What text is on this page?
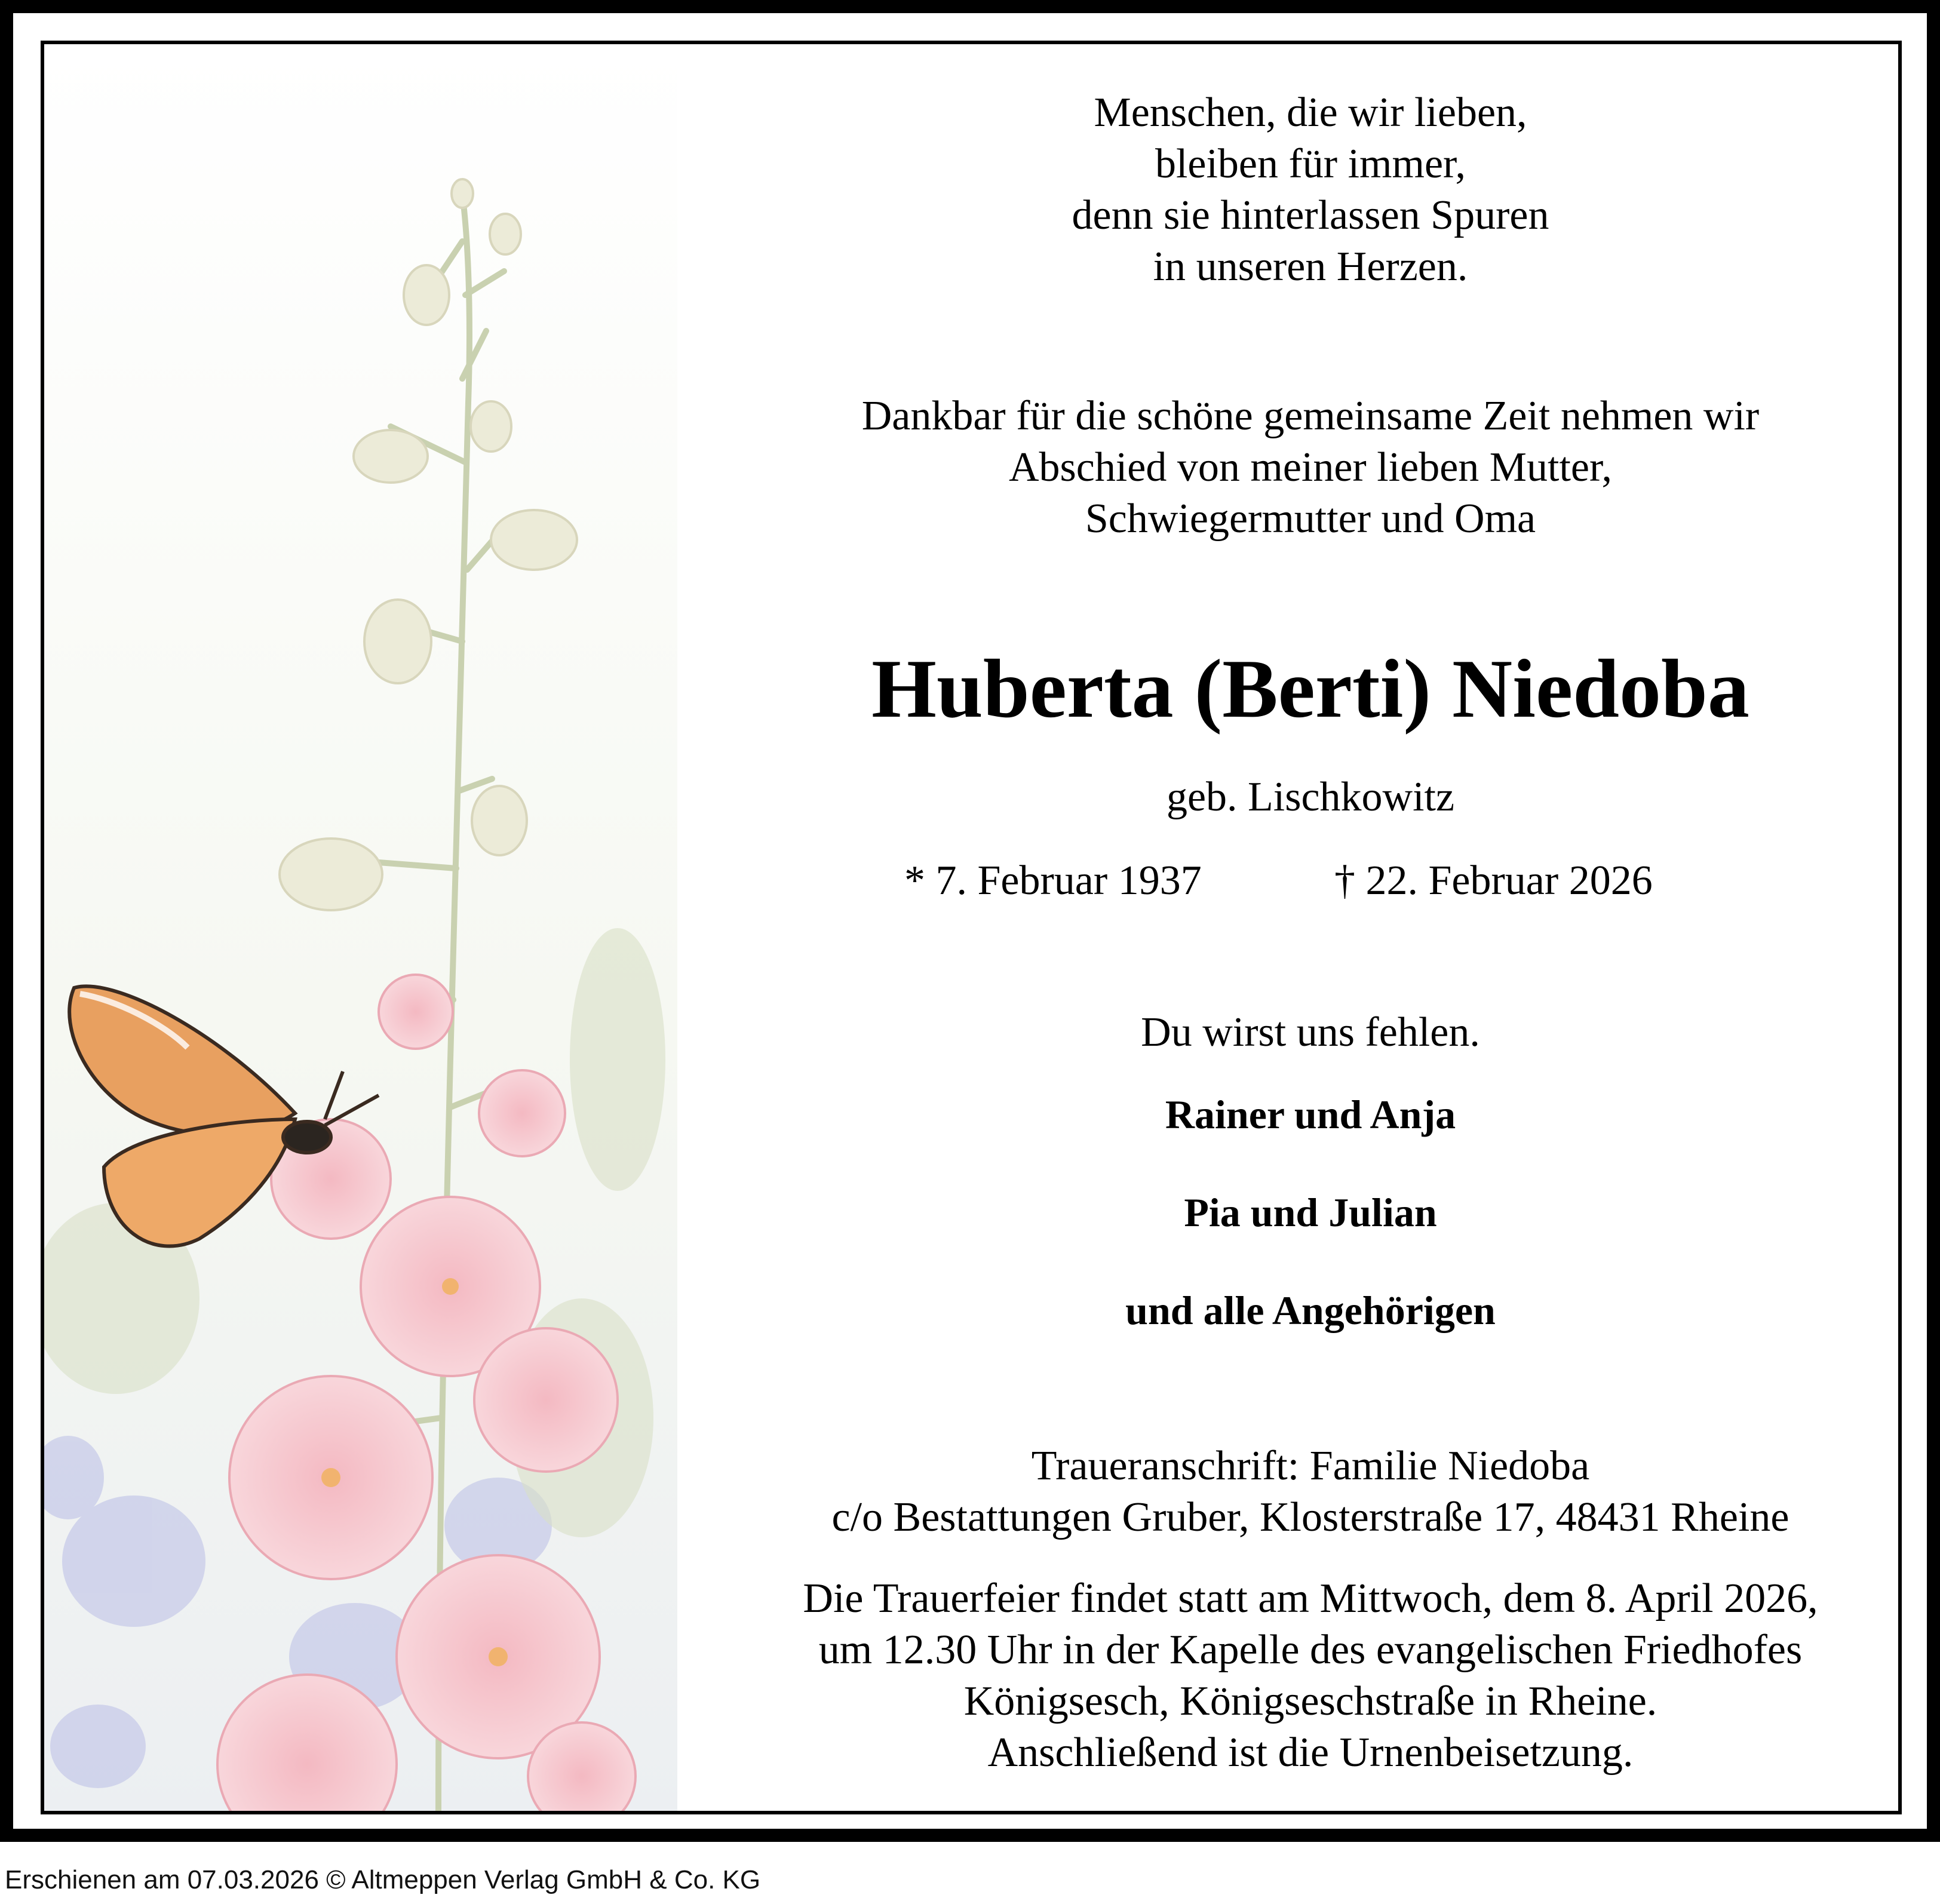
Menschen, die wir lieben,
bleiben für immer,
denn sie hinterlassen Spuren
in unseren Herzen.
Dankbar für die schöne gemeinsame Zeit nehmen wir
Abschied von meiner lieben Mutter,
Schwiegermutter und Oma
Huberta (Berti) Niedoba
geb. Lischkowitz
* 7. Februar 1937	† 22. Februar 2026
Du wirst uns fehlen.
Rainer und Anja
Pia und Julian
und alle Angehörigen
Traueranschrift: Familie Niedoba
c/o Bestattungen Gruber, Klosterstraße 17, 48431 Rheine
Die Trauerfeier findet statt am Mittwoch, dem 8. April 2026,
um 12.30 Uhr in der Kapelle des evangelischen Friedhofes
Königsesch, Königseschstraße in Rheine.
Anschließend ist die Urnenbeisetzung.
Erschienen am 07.03.2026 © Altmeppen Verlag GmbH & Co. KG
